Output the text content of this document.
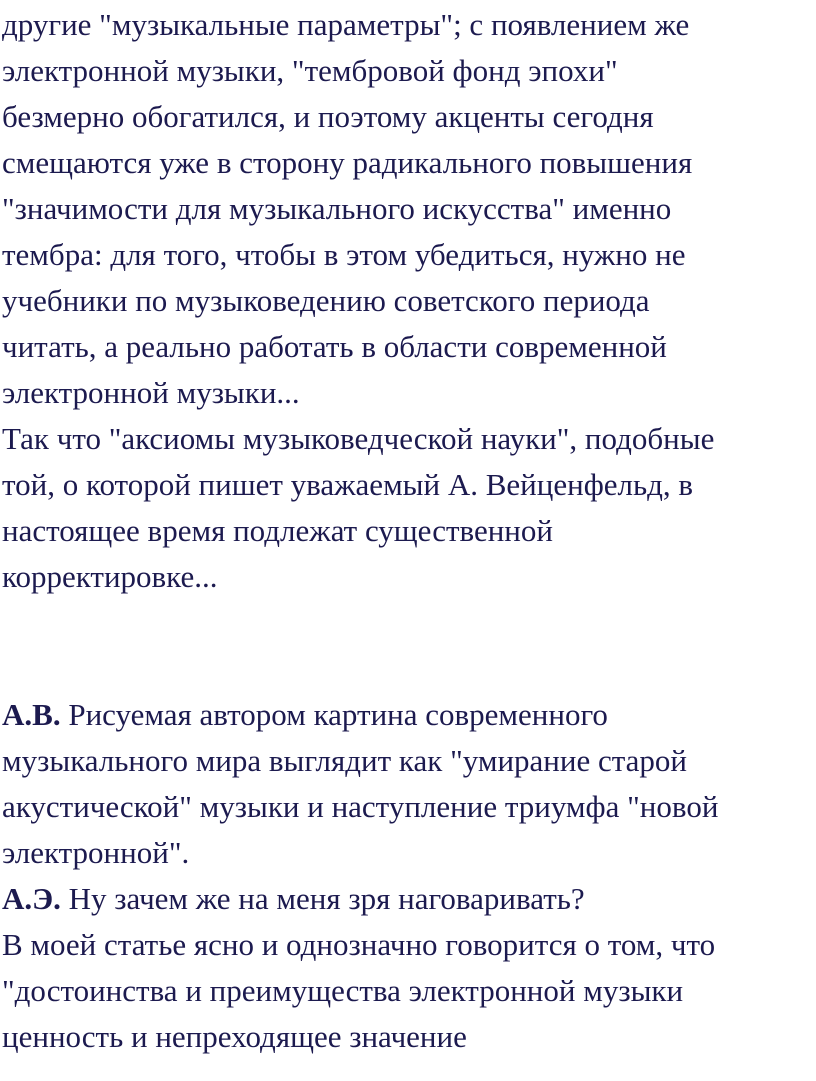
другие "музыкальные параметры"; с появлением же
электронной музыки, "тембровой фонд эпохи"
безмерно обогатился, и поэтому акценты сегодня
смещаются уже в сторону радикального повышения
"значимости для музыкального искусства" именно
тембра: для того, чтобы в этом убедиться, нужно не
учебники по музыковедению советского периода
читать, а реально работать в области современной
электронной музыки...
Так что "аксиомы музыковедческой науки", подобные
той, о которой пишет уважаемый А. Вейценфельд, в
настоящее время подлежат существенной
корректировке...
А.В. Рисуемая автором картина современного
музыкального мира выглядит как "умирание старой
акустической" музыки и наступление триумфа "новой
электронной".
А.Э. Ну зачем же на меня зря наговаривать?
В моей статье ясно и однозначно говорится о том, что
"достоинства и преимущества электронной музыки
ценность и непреходящее значение
